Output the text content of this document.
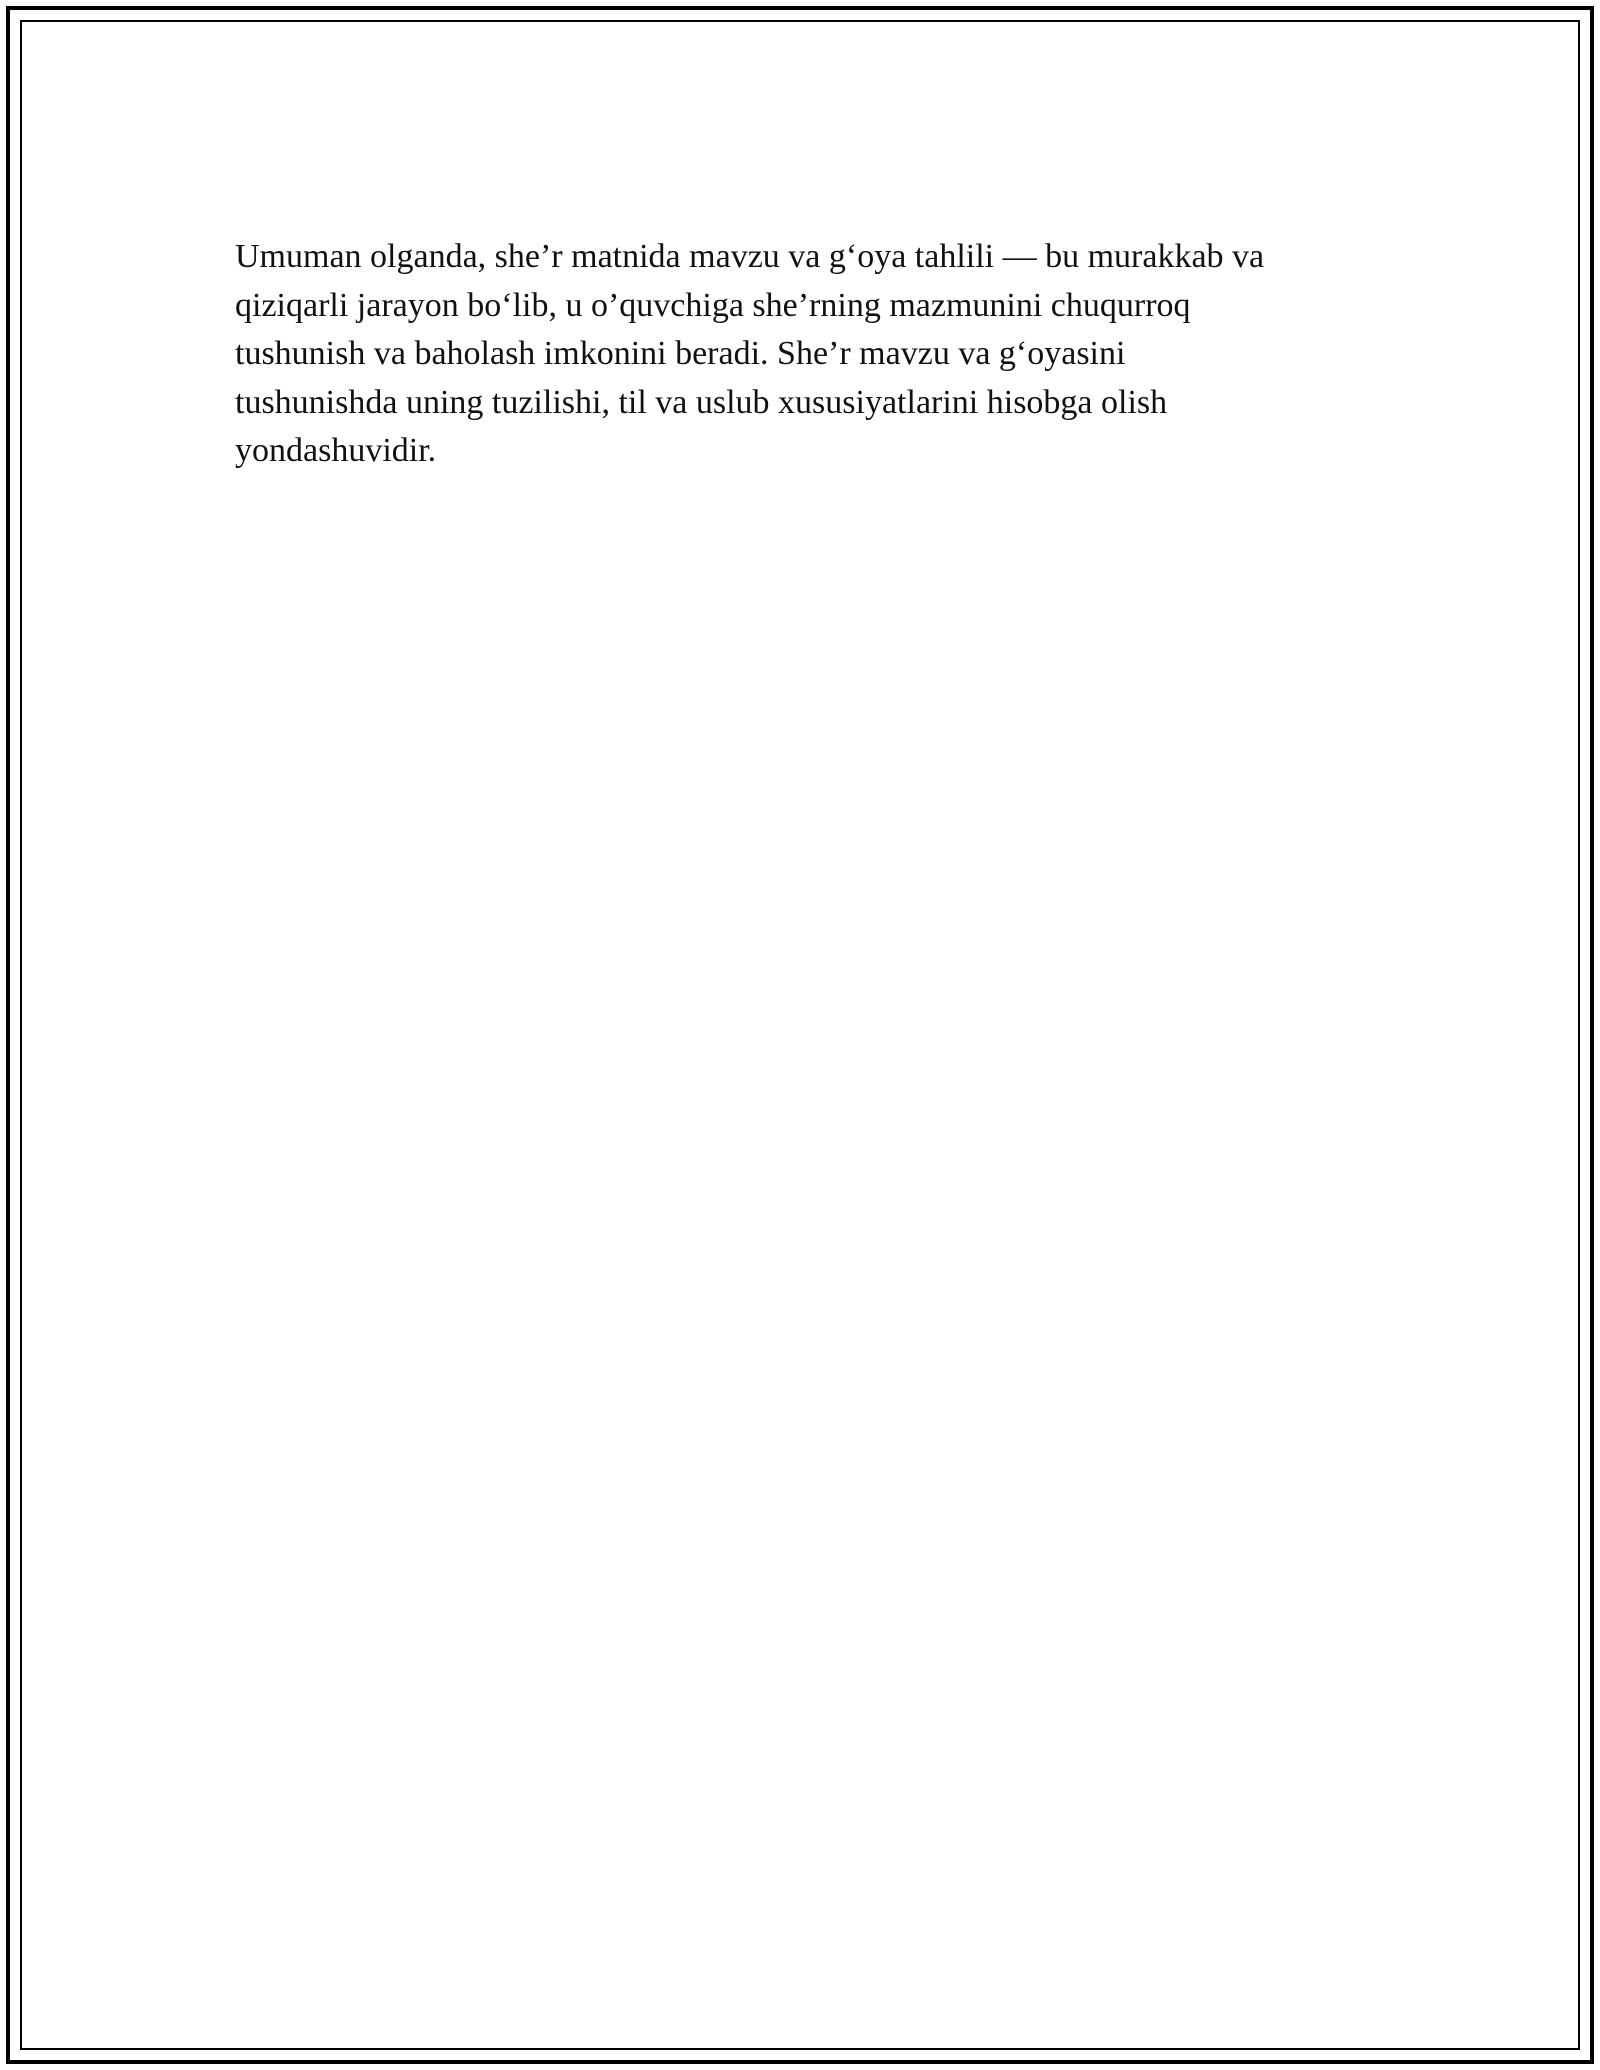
Umuman olganda, she’r matnida mavzu va g‘oya tahlili — bu murakkab va
qiziqarli jarayon bo‘lib, u o’quvchiga she’rning mazmunini chuqurroq
tushunish va baholash imkonini beradi. She’r mavzu va g‘oyasini
tushunishda uning tuzilishi, til va uslub xususiyatlarini hisobga olish
yondashuvidir.
